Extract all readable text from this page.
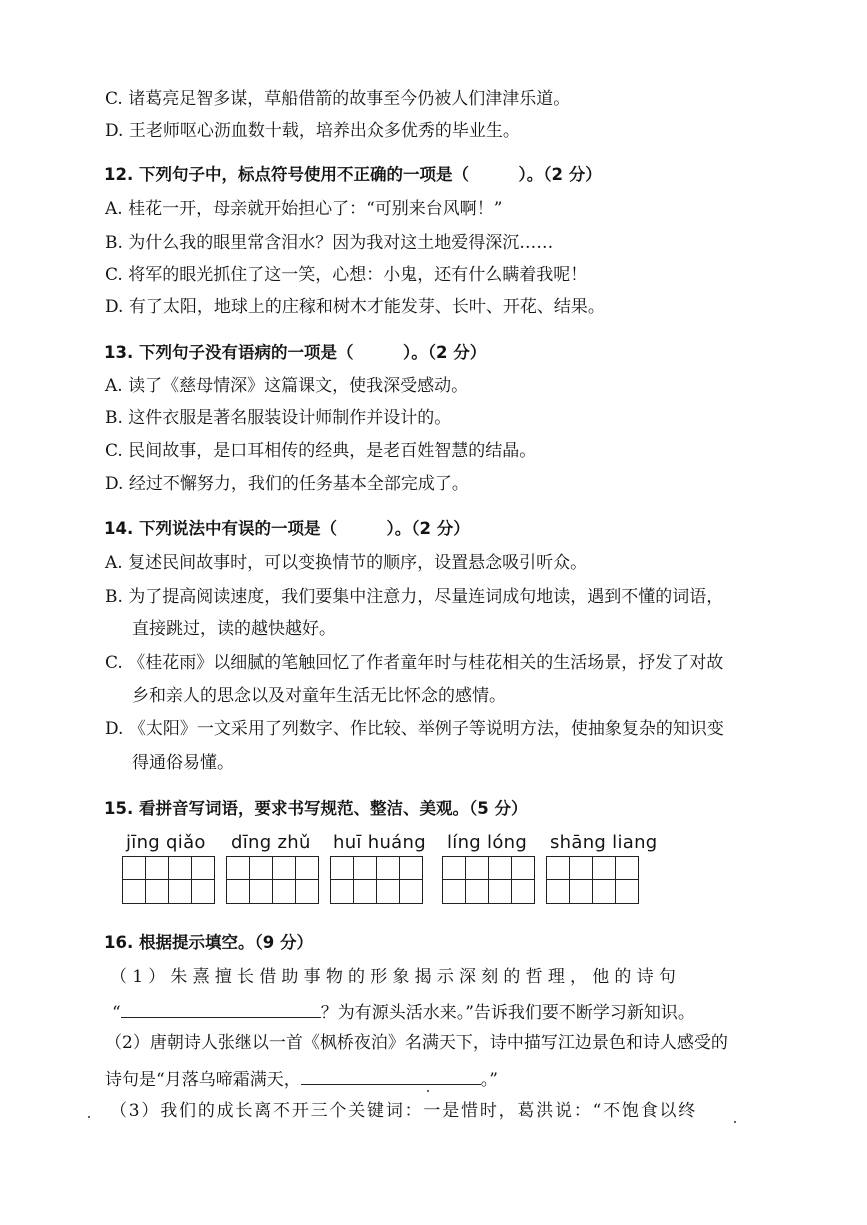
C. 诸葛亮足智多谋，草船借箭的故事至今仍被人们津津乐道。
D. 王老师呕心沥血数十载，培养出众多优秀的毕业生。
12. 下列句子中，标点符号使用不正确的一项是（　　　）。（2 分）
A. 桂花一开，母亲就开始担心了：“可别来台风啊！”
B. 为什么我的眼里常含泪水？因为我对这土地爱得深沉……
C. 将军的眼光抓住了这一笑，心想：小鬼，还有什么瞒着我呢！
D. 有了太阳，地球上的庄稼和树木才能发芽、长叶、开花、结果。
13. 下列句子没有语病的一项是（　　　）。（2 分）
A. 读了《慈母情深》这篇课文，使我深受感动。
B. 这件衣服是著名服装设计师制作并设计的。
C. 民间故事，是口耳相传的经典，是老百姓智慧的结晶。
D. 经过不懈努力，我们的任务基本全部完成了。
14. 下列说法中有误的一项是（　　　）。（2 分）
A. 复述民间故事时，可以变换情节的顺序，设置悬念吸引听众。
B. 为了提高阅读速度，我们要集中注意力，尽量连词成句地读，遇到不懂的词语，
直接跳过，读的越快越好。
C. 《桂花雨》以细腻的笔触回忆了作者童年时与桂花相关的生活场景，抒发了对故
乡和亲人的思念以及对童年生活无比怀念的感情。
D. 《太阳》一文采用了列数字、作比较、举例子等说明方法，使抽象复杂的知识变
得通俗易懂。
15. 看拼音写词语，要求书写规范、整洁、美观。（5 分）
jīng qiǎo dīng zhǔ huī huáng líng lóng shāng liang
16. 根据提示填空。（9 分）
（1）朱熹擅长借助事物的形象揭示深刻的哲理，他的诗句
“	？为有源头活水来。”告诉我们要不断学习新知识。
（2）唐朝诗人张继以一首《枫桥夜泊》名满天下，诗中描写江边景色和诗人感受的
诗句是“月落乌啼霜满天，	。”
（3）我们的成长离不开三个关键词：一是惜时，葛洪说：“不饱食以终
